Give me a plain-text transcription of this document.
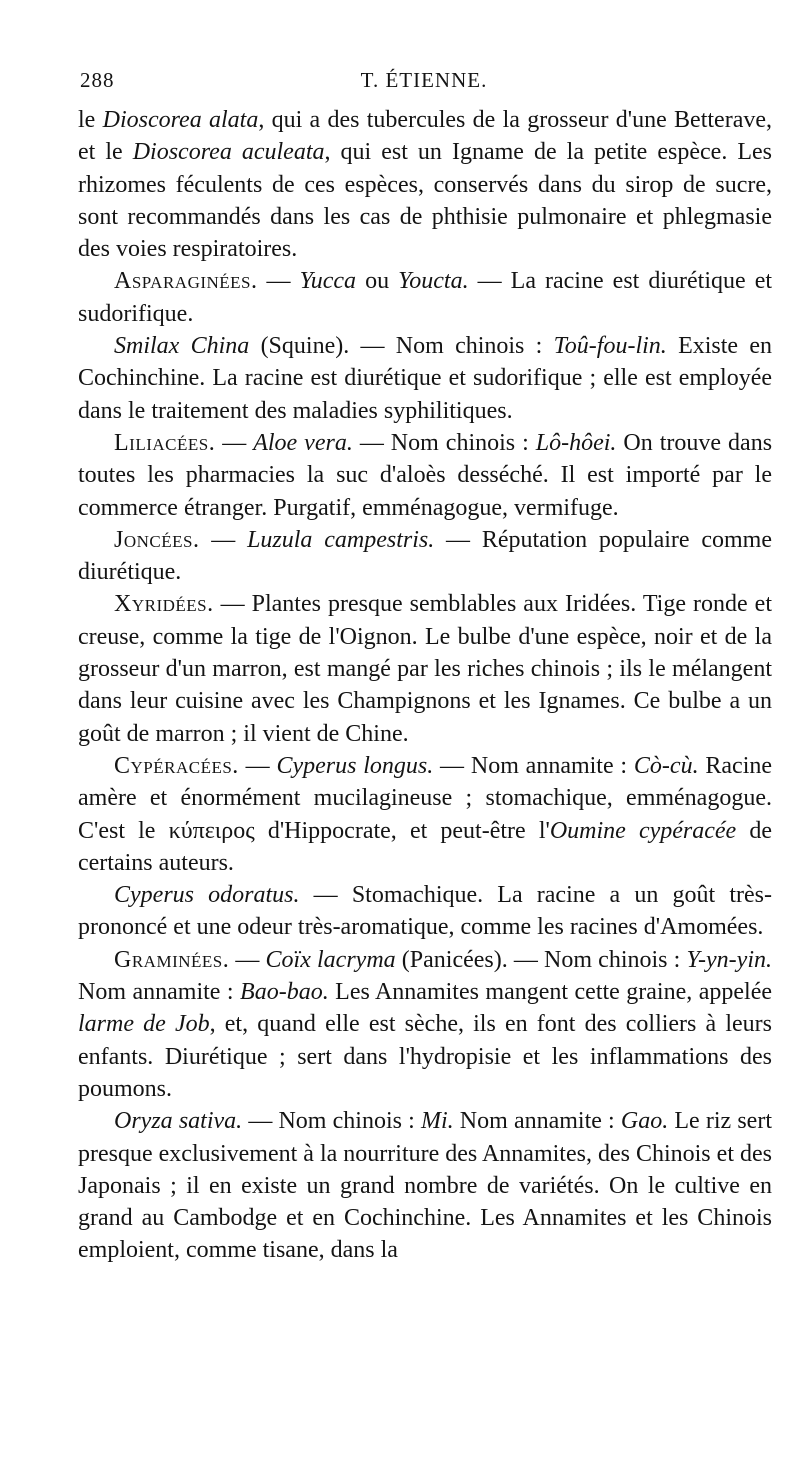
288	T. ÉTIENNE.

le Dioscorea alata, qui a des tubercules de la grosseur d'une Betterave, et le Dioscorea aculeata, qui est un Igname de la petite espèce. Les rhizomes féculents de ces espèces, conservés dans du sirop de sucre, sont recommandés dans les cas de phthisie pulmonaire et phlegmasie des voies respiratoires.

Asparaginées. — Yucca ou Youcta. — La racine est diurétique et sudorifique.

Smilax China (Squine). — Nom chinois : Toû-fou-lin. Existe en Cochinchine. La racine est diurétique et sudorifique ; elle est employée dans le traitement des maladies syphilitiques.

Liliacées. — Aloe vera. — Nom chinois : Lô-hôei. On trouve dans toutes les pharmacies la suc d'aloès desséché. Il est importé par le commerce étranger. Purgatif, emménagogue, vermifuge.

Joncées. — Luzula campestris. — Réputation populaire comme diurétique.

Xyridées. — Plantes presque semblables aux Iridées. Tige ronde et creuse, comme la tige de l'Oignon. Le bulbe d'une espèce, noir et de la grosseur d'un marron, est mangé par les riches chinois ; ils le mélangent dans leur cuisine avec les Champignons et les Ignames. Ce bulbe a un goût de marron ; il vient de Chine.

Cypéracées. — Cyperus longus. — Nom annamite : Cò-cù. Racine amère et énormément mucilagineuse ; stomachique, emménagogue. C'est le κύπειρος d'Hippocrate, et peut-être l'Oumine cypéracée de certains auteurs.

Cyperus odoratus. — Stomachique. La racine a un goût très-prononcé et une odeur très-aromatique, comme les racines d'Amomées.

Graminées. — Coïx lacryma (Panicées). — Nom chinois : Y-yn-yin. Nom annamite : Bao-bao. Les Annamites mangent cette graine, appelée larme de Job, et, quand elle est sèche, ils en font des colliers à leurs enfants. Diurétique ; sert dans l'hydropisie et les inflammations des poumons.

Oryza sativa. — Nom chinois : Mi. Nom annamite : Gao. Le riz sert presque exclusivement à la nourriture des Annamites, des Chinois et des Japonais ; il en existe un grand nombre de variétés. On le cultive en grand au Cambodge et en Cochinchine. Les Annamites et les Chinois emploient, comme tisane, dans la
